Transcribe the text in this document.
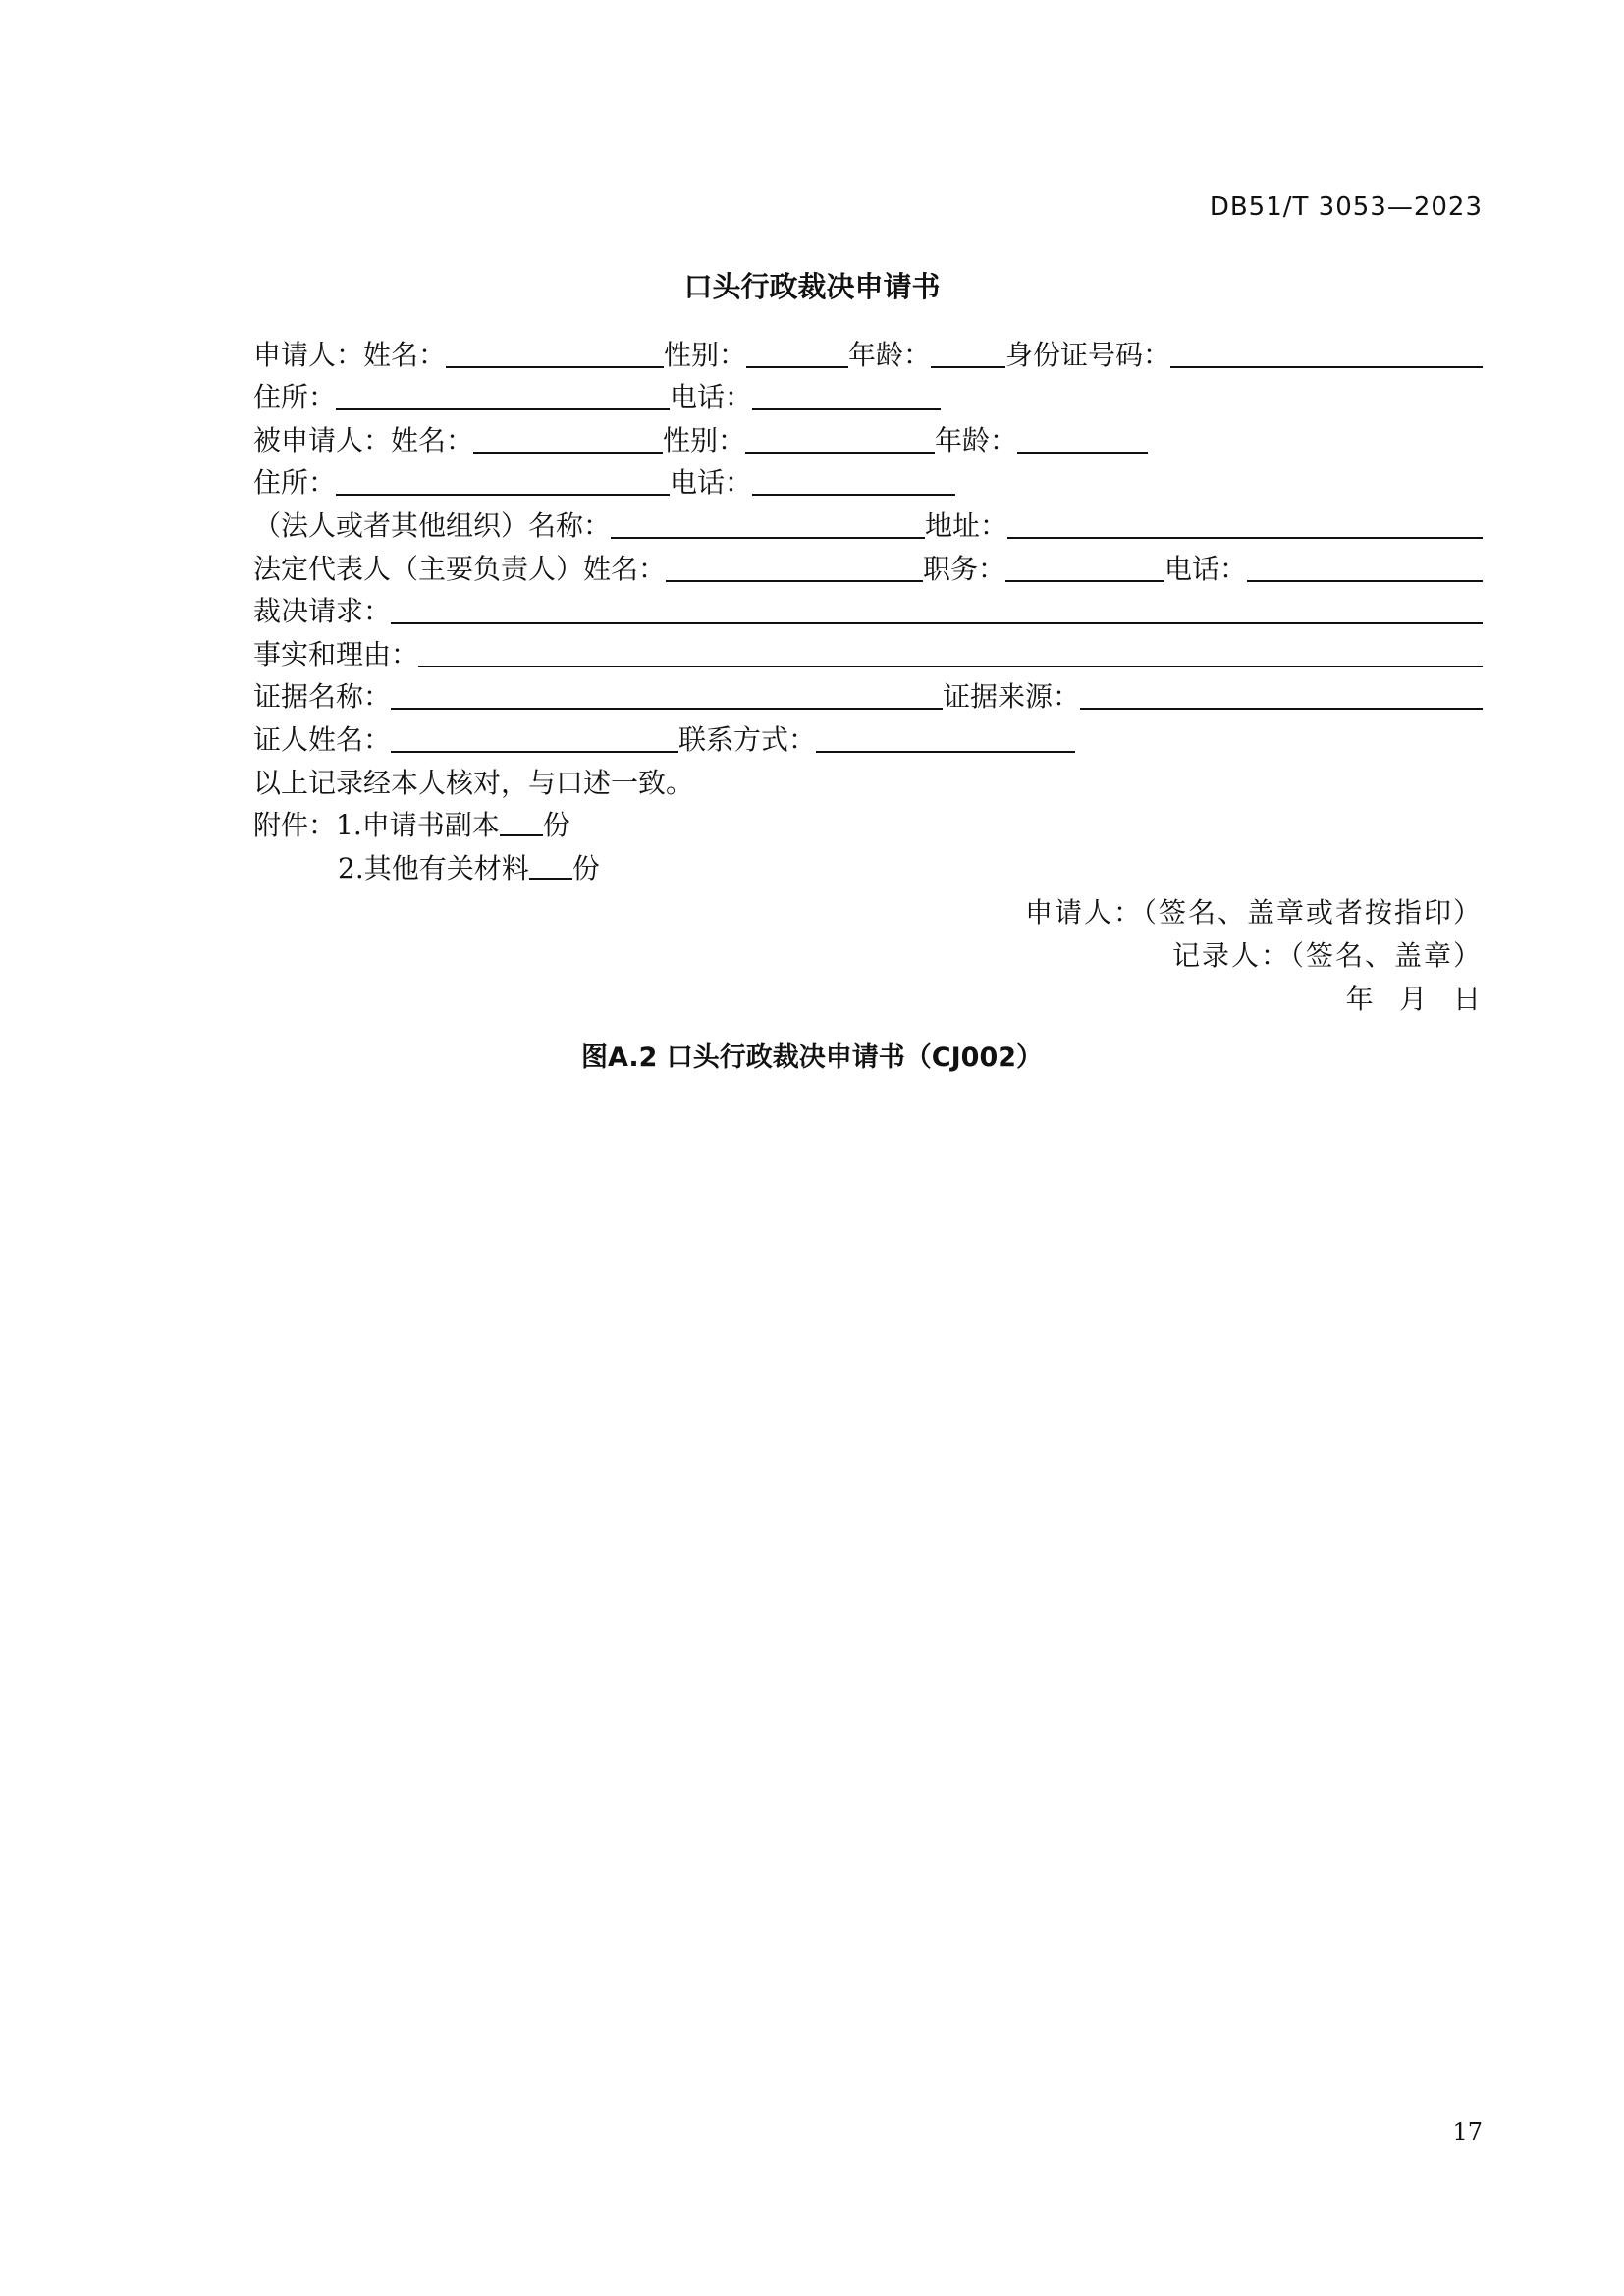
DB51/T 3053—2023
口头行政裁决申请书
申请人：姓名：	性别：	年龄：	身份证号码：
住所：	电话：
被申请人：姓名：	性别：	年龄：
住所：	电话：
（法人或者其他组织）名称：	地址：
法定代表人（主要负责人）姓名：	职务：	电话：
裁决请求：
事实和理由：
证据名称：	证据来源：
证人姓名：	联系方式：
以上记录经本人核对，与口述一致。
附件：1.申请书副本 份
2.其他有关材料 份
申请人：（签名、盖章或者按指印）
记录人：（签名、盖章）
年   月   日
图A.2 口头行政裁决申请书（CJ002）
17
